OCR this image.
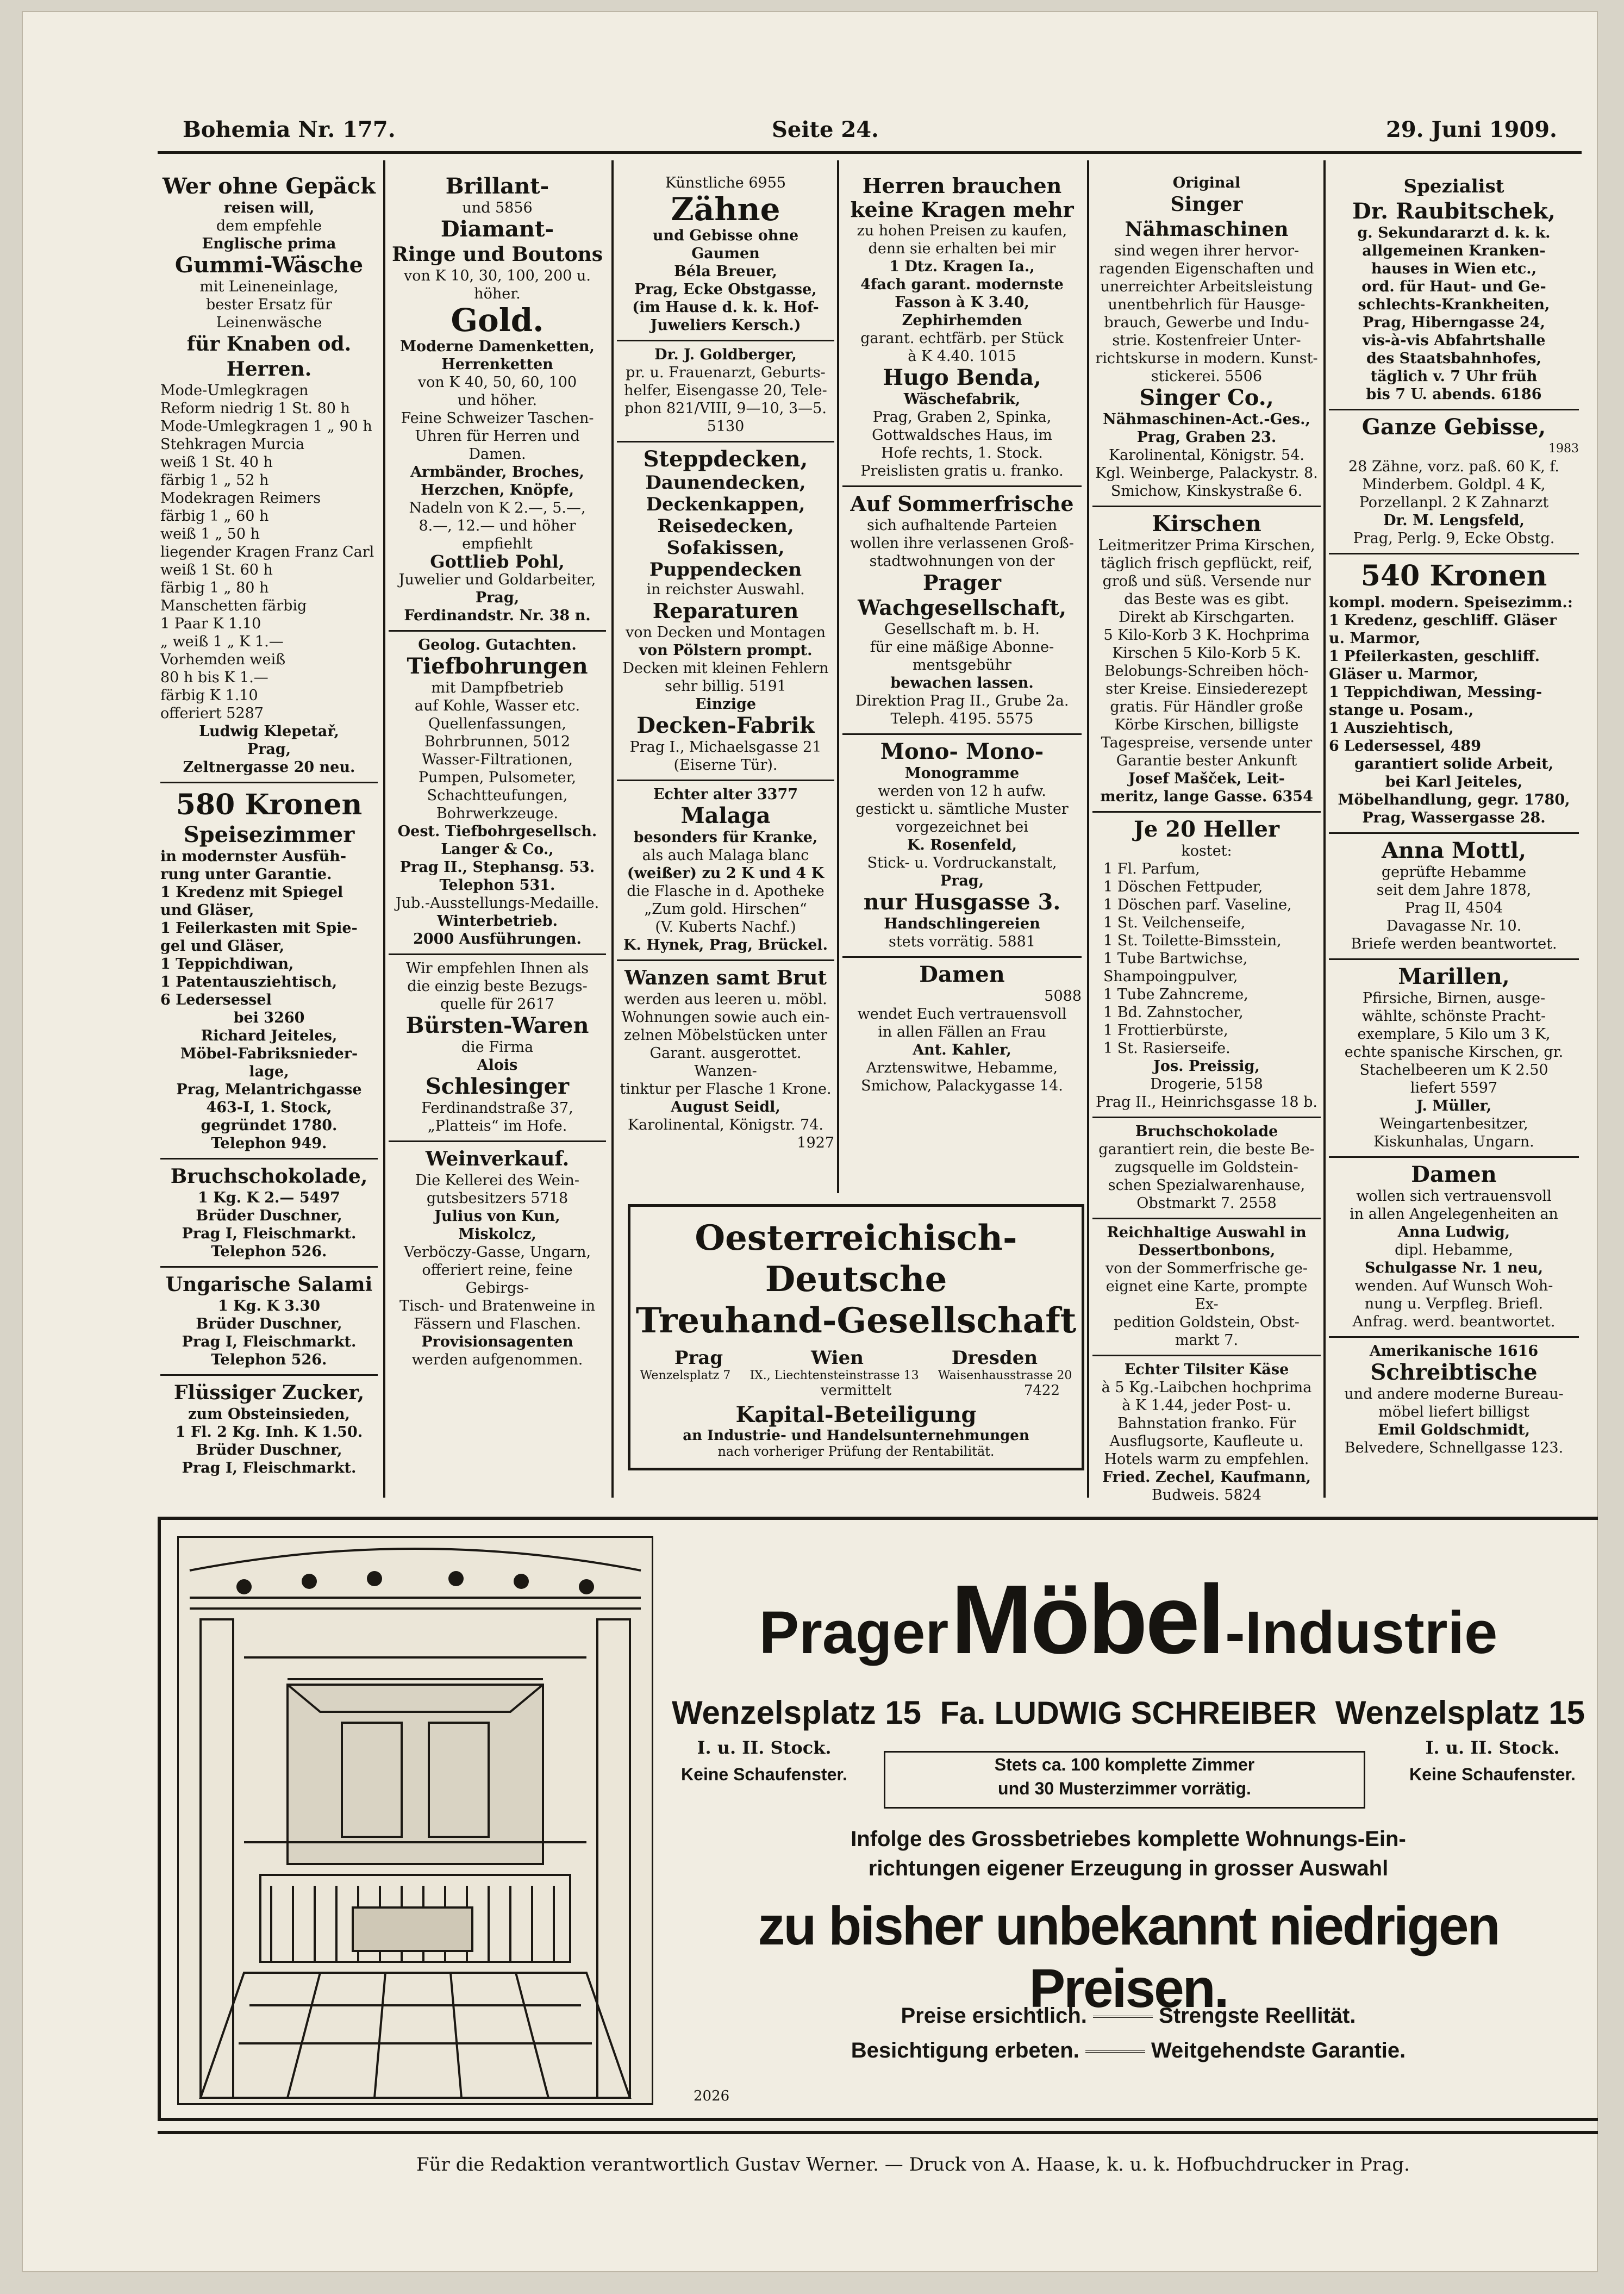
Bohemia Nr. 177.	Seite 24.	29. Juni 1909.
Wer ohne Gepäck
reisen will,
dem empfehle
Englische prima
Gummi-Wäsche
mit Leineneinlage,
bester Ersatz für Leinenwäsche
für Knaben od. Herren.
Mode-Umlegkragen
Reform niedrig 1 St. 80 h
Mode-Umlegkragen 1 „ 90 h
Stehkragen Murcia
weiß 1 St. 40 h
färbig 1 „ 52 h
Modekragen Reimers
färbig 1 „ 60 h
weiß 1 „ 50 h
liegender Kragen Franz Carl
weiß 1 St. 60 h
färbig 1 „ 80 h
Manschetten färbig
1 Paar K 1.10
„ weiß 1 „ K 1.—
Vorhemden weiß
80 h bis K 1.—
färbig K 1.10
offeriert 5287
Ludwig Klepetař,
Prag,
Zeltnergasse 20 neu.
580 Kronen
Speisezimmer
in modernster Ausfüh-
rung unter Garantie.
1 Kredenz mit Spiegel
und Gläser,
1 Feilerkasten mit Spie-
gel und Gläser,
1 Teppichdiwan,
1 Patentausziehtisch,
6 Ledersessel
bei 3260
Richard Jeiteles,
Möbel-Fabriksnieder-
lage,
Prag, Melantrichgasse
463-I, 1. Stock,
gegründet 1780.
Telephon 949.
Bruchschokolade,
1 Kg. K 2.— 5497
Brüder Duschner,
Prag I, Fleischmarkt.
Telephon 526.
Ungarische Salami
1 Kg. K 3.30
Brüder Duschner,
Prag I, Fleischmarkt.
Telephon 526.
Flüssiger Zucker,
zum Obsteinsieden,
1 Fl. 2 Kg. Inh. K 1.50.
Brüder Duschner,
Prag I, Fleischmarkt.
Brillant-
und 5856
Diamant-
Ringe und Boutons
von K 10, 30, 100, 200 u.
höher.
Gold.
Moderne Damenketten,
Herrenketten
von K 40, 50, 60, 100
und höher.
Feine Schweizer Taschen-
Uhren für Herren und
Damen.
Armbänder, Broches,
Herzchen, Knöpfe,
Nadeln von K 2.—, 5.—,
8.—, 12.— und höher
empfiehlt
Gottlieb Pohl,
Juwelier und Goldarbeiter,
Prag,
Ferdinandstr. Nr. 38 n.
Geolog. Gutachten.
Tiefbohrungen
mit Dampfbetrieb
auf Kohle, Wasser etc.
Quellenfassungen,
Bohrbrunnen, 5012
Wasser-Filtrationen,
Pumpen, Pulsometer,
Schachtteufungen,
Bohrwerkzeuge.
Oest. Tiefbohrgesellsch.
Langer & Co.,
Prag II., Stephansg. 53.
Telephon 531.
Jub.-Ausstellungs-Medaille.
Winterbetrieb.
2000 Ausführungen.
Wir empfehlen Ihnen als
die einzig beste Bezugs-
quelle für 2617
Bürsten-Waren
die Firma
Alois
Schlesinger
Ferdinandstraße 37,
„Platteis“ im Hofe.
Weinverkauf.
Die Kellerei des Wein-
gutsbesitzers 5718
Julius von Kun,
Miskolcz,
Verböczy-Gasse, Ungarn,
offeriert reine, feine Gebirgs-
Tisch- und Bratenweine in
Fässern und Flaschen.
Provisionsagenten
werden aufgenommen.
Künstliche 6955
Zähne
und Gebisse ohne Gaumen
Béla Breuer,
Prag, Ecke Obstgasse,
(im Hause d. k. k. Hof-
Juweliers Kersch.)
Dr. J. Goldberger,
pr. u. Frauenarzt, Geburts-
helfer, Eisengasse 20, Tele-
phon 821/VIII, 9—10, 3—5.
5130
Steppdecken,
Daunendecken,
Deckenkappen,
Reisedecken,
Sofakissen,
Puppendecken
in reichster Auswahl.
Reparaturen
von Decken und Montagen
von Pölstern prompt.
Decken mit kleinen Fehlern
sehr billig. 5191
Einzige
Decken-Fabrik
Prag I., Michaelsgasse 21
(Eiserne Tür).
Echter alter 3377
Malaga
besonders für Kranke,
als auch Malaga blanc
(weißer) zu 2 K und 4 K
die Flasche in d. Apotheke
„Zum gold. Hirschen“
(V. Kuberts Nachf.)
K. Hynek, Prag, Brückel.
Wanzen samt Brut
werden aus leeren u. möbl.
Wohnungen sowie auch ein-
zelnen Möbelstücken unter
Garant. ausgerottet. Wanzen-
tinktur per Flasche 1 Krone.
August Seidl,
Karolinental, Königstr. 74.
1927
Herren brauchen keine Kragen mehr
zu hohen Preisen zu kaufen,
denn sie erhalten bei mir
1 Dtz. Kragen Ia.,
4fach garant. modernste
Fasson à K 3.40,
Zephirhemden
garant. echtfärb. per Stück
à K 4.40. 1015
Hugo Benda,
Wäschefabrik,
Prag, Graben 2, Spinka,
Gottwaldsches Haus, im
Hofe rechts, 1. Stock.
Preislisten gratis u. franko.
Auf Sommerfrische
sich aufhaltende Parteien
wollen ihre verlassenen Groß-
stadtwohnungen von der
Prager Wachgesellschaft,
Gesellschaft m. b. H.
für eine mäßige Abonne-
mentsgebühr
bewachen lassen.
Direktion Prag II., Grube 2a.
Teleph. 4195. 5575
Mono- Mono-
Monogramme
werden von 12 h aufw.
gestickt u. sämtliche Muster
vorgezeichnet bei
K. Rosenfeld,
Stick- u. Vordruckanstalt,
Prag,
nur Husgasse 3.
Handschlingereien
stets vorrätig. 5881
Damen
5088
wendet Euch vertrauensvoll
in allen Fällen an Frau
Ant. Kahler,
Arztenswitwe, Hebamme,
Smichow, Palackygasse 14.
Oesterreichisch-Deutsche
Treuhand-Gesellschaft
Prag	Wien	Dresden
Wenzelsplatz 7 IX., Liechtensteinstrasse 13 Waisenhausstrasse 20
vermittelt	7422
Kapital-Beteiligung
an Industrie- und Handelsunternehmungen
nach vorheriger Prüfung der Rentabilität.
Original
Singer Nähmaschinen
sind wegen ihrer hervor-
ragenden Eigenschaften und
unerreichter Arbeitsleistung
unentbehrlich für Hausge-
brauch, Gewerbe und Indu-
strie. Kostenfreier Unter-
richtskurse in modern. Kunst-
stickerei. 5506
Singer Co.,
Nähmaschinen-Act.-Ges.,
Prag, Graben 23.
Karolinental, Königstr. 54.
Kgl. Weinberge, Palackystr. 8.
Smichow, Kinskystraße 6.
Kirschen
Leitmeritzer Prima Kirschen,
täglich frisch gepflückt, reif,
groß und süß. Versende nur
das Beste was es gibt.
Direkt ab Kirschgarten.
5 Kilo-Korb 3 K. Hochprima
Kirschen 5 Kilo-Korb 5 K.
Belobungs-Schreiben höch-
ster Kreise. Einsiederezept
gratis. Für Händler große
Körbe Kirschen, billigste
Tagespreise, versende unter
Garantie bester Ankunft
Josef Mašček, Leit-
meritz, lange Gasse. 6354
Je 20 Heller
kostet:
1 Fl. Parfum,
1 Döschen Fettpuder,
1 Döschen parf. Vaseline,
1 St. Veilchenseife,
1 St. Toilette-Bimsstein,
1 Tube Bartwichse,
Shampoingpulver,
1 Tube Zahncreme,
1 Bd. Zahnstocher,
1 Frottierbürste,
1 St. Rasierseife.
Jos. Preissig,
Drogerie, 5158
Prag II., Heinrichsgasse 18 b.
Bruchschokolade
garantiert rein, die beste Be-
zugsquelle im Goldstein-
schen Spezialwarenhause,
Obstmarkt 7. 2558
Reichhaltige Auswahl in
Dessertbonbons,
von der Sommerfrische ge-
eignet eine Karte, prompte Ex-
pedition Goldstein, Obst-
markt 7.
Echter Tilsiter Käse
à 5 Kg.-Laibchen hochprima
à K 1.44, jeder Post- u.
Bahnstation franko. Für
Ausflugsorte, Kaufleute u.
Hotels warm zu empfehlen.
Fried. Zechel, Kaufmann,
Budweis. 5824
Spezialist
Dr. Raubitschek,
g. Sekundararzt d. k. k.
allgemeinen Kranken-
hauses in Wien etc.,
ord. für Haut- und Ge-
schlechts-Krankheiten,
Prag, Hiberngasse 24,
vis-à-vis Abfahrtshalle
des Staatsbahnhofes,
täglich v. 7 Uhr früh
bis 7 U. abends. 6186
Ganze Gebisse,
1983
28 Zähne, vorz. paß. 60 K, f.
Minderbem. Goldpl. 4 K,
Porzellanpl. 2 K Zahnarzt
Dr. M. Lengsfeld,
Prag, Perlg. 9, Ecke Obstg.
540 Kronen
kompl. modern. Speisezimm.:
1 Kredenz, geschliff. Gläser
u. Marmor,
1 Pfeilerkasten, geschliff.
Gläser u. Marmor,
1 Teppichdiwan, Messing-
stange u. Posam.,
1 Ausziehtisch,
6 Ledersessel, 489
garantiert solide Arbeit,
bei Karl Jeiteles,
Möbelhandlung, gegr. 1780,
Prag, Wassergasse 28.
Anna Mottl,
geprüfte Hebamme
seit dem Jahre 1878,
Prag II, 4504
Davagasse Nr. 10.
Briefe werden beantwortet.
Marillen,
Pfirsiche, Birnen, ausge-
wählte, schönste Pracht-
exemplare, 5 Kilo um 3 K,
echte spanische Kirschen, gr.
Stachelbeeren um K 2.50
liefert 5597
J. Müller,
Weingartenbesitzer,
Kiskunhalas, Ungarn.
Damen
wollen sich vertrauensvoll
in allen Angelegenheiten an
Anna Ludwig,
dipl. Hebamme,
Schulgasse Nr. 1 neu,
wenden. Auf Wunsch Woh-
nung u. Verpfleg. Briefl.
Anfrag. werd. beantwortet.
Amerikanische 1616
Schreibtische
und andere moderne Bureau-
möbel liefert billigst
Emil Goldschmidt,
Belvedere, Schnellgasse 123.
Prager Möbel -Industrie
Wenzelsplatz 15 Fa. LUDWIG SCHREIBER Wenzelsplatz 15
I. u. II. Stock.	I. u. II. Stock.
Keine Schaufenster.	Keine Schaufenster.
Stets ca. 100 komplette Zimmer
und 30 Musterzimmer vorrätig.
Infolge des Grossbetriebes komplette Wohnungs-Ein-
richtungen eigener Erzeugung in grosser Auswahl
zu bisher unbekannt niedrigen Preisen.
Preise ersichtlich.	Strengste Reellität.
Besichtigung erbeten.	Weitgehendste Garantie.
2026
Für die Redaktion verantwortlich Gustav Werner. — Druck von A. Haase, k. u. k. Hofbuchdrucker in Prag.
